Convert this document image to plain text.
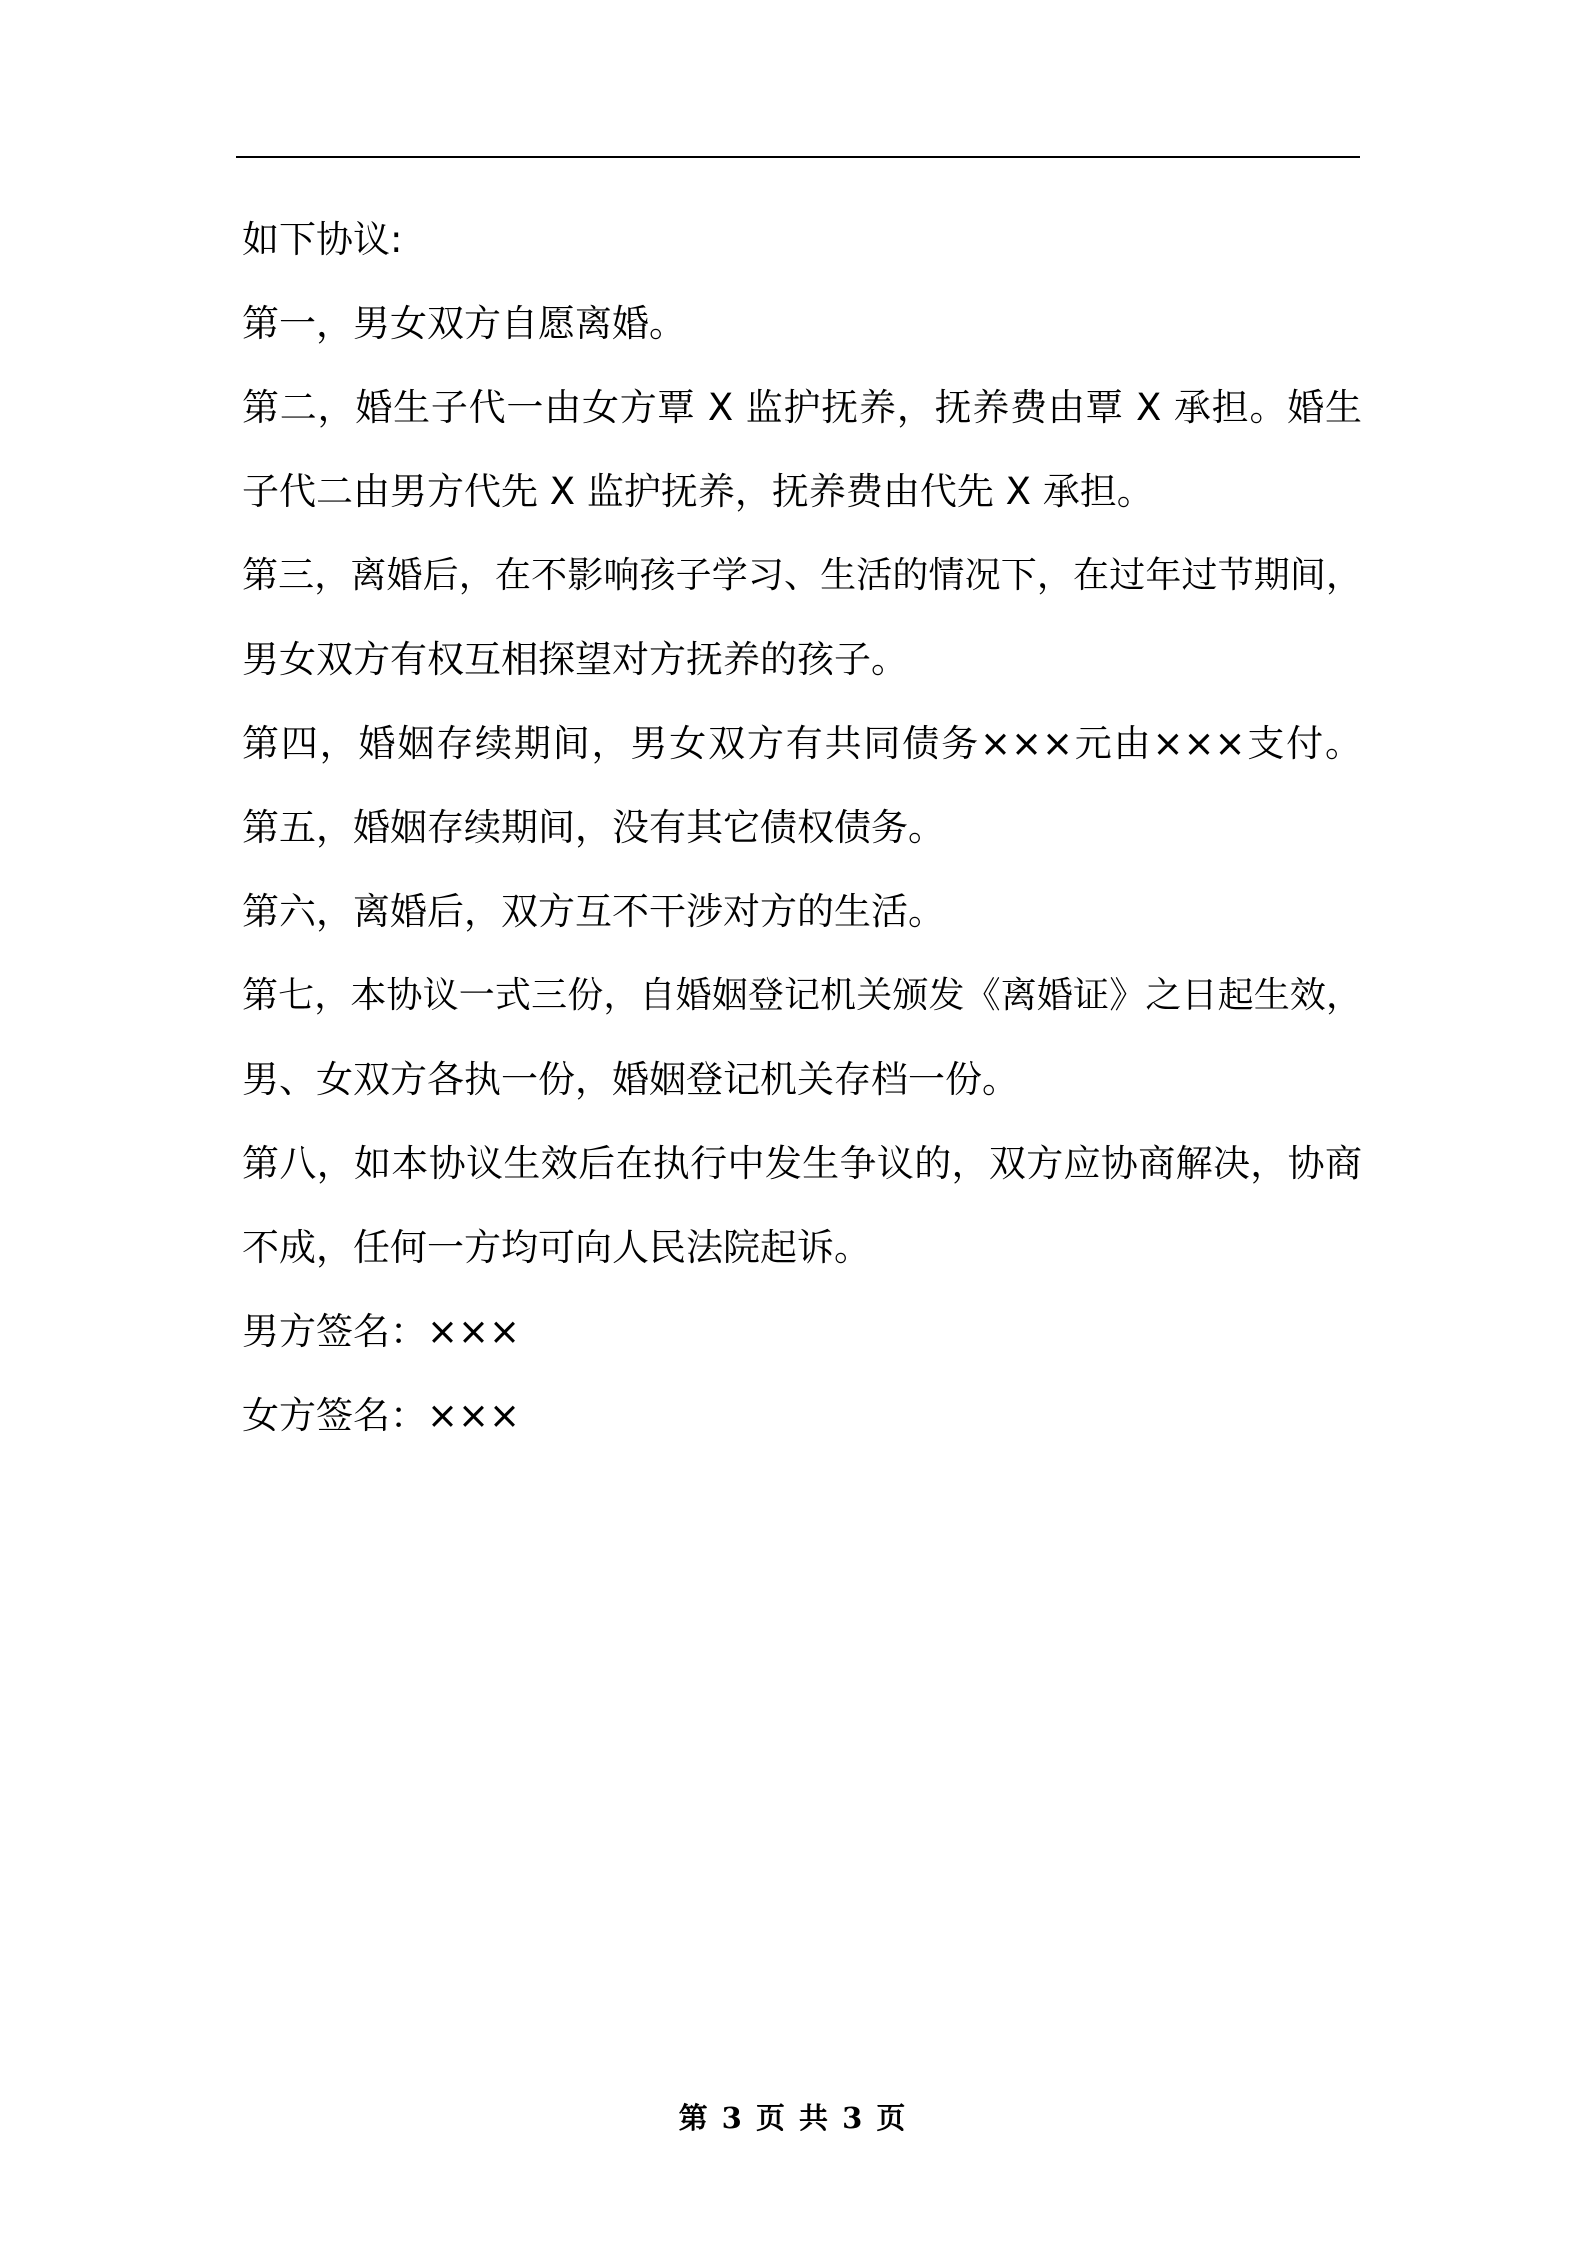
如下协议:
第一，男女双方自愿离婚。
第二，婚生子代一由女方覃 X 监护抚养，抚养费由覃 X 承担。婚生
子代二由男方代先 X 监护抚养，抚养费由代先 X 承担。
第三，离婚后，在不影响孩子学习、生活的情况下，在过年过节期间，
男女双方有权互相探望对方抚养的孩子。
第四，婚姻存续期间，男女双方有共同债务×××元由×××支付。
第五，婚姻存续期间，没有其它债权债务。
第六，离婚后，双方互不干涉对方的生活。
第七，本协议一式三份，自婚姻登记机关颁发《离婚证》之日起生效，
男、女双方各执一份，婚姻登记机关存档一份。
第八，如本协议生效后在执行中发生争议的，双方应协商解决，协商
不成，任何一方均可向人民法院起诉。
男方签名：×××
女方签名：×××
第 3 页 共 3 页
